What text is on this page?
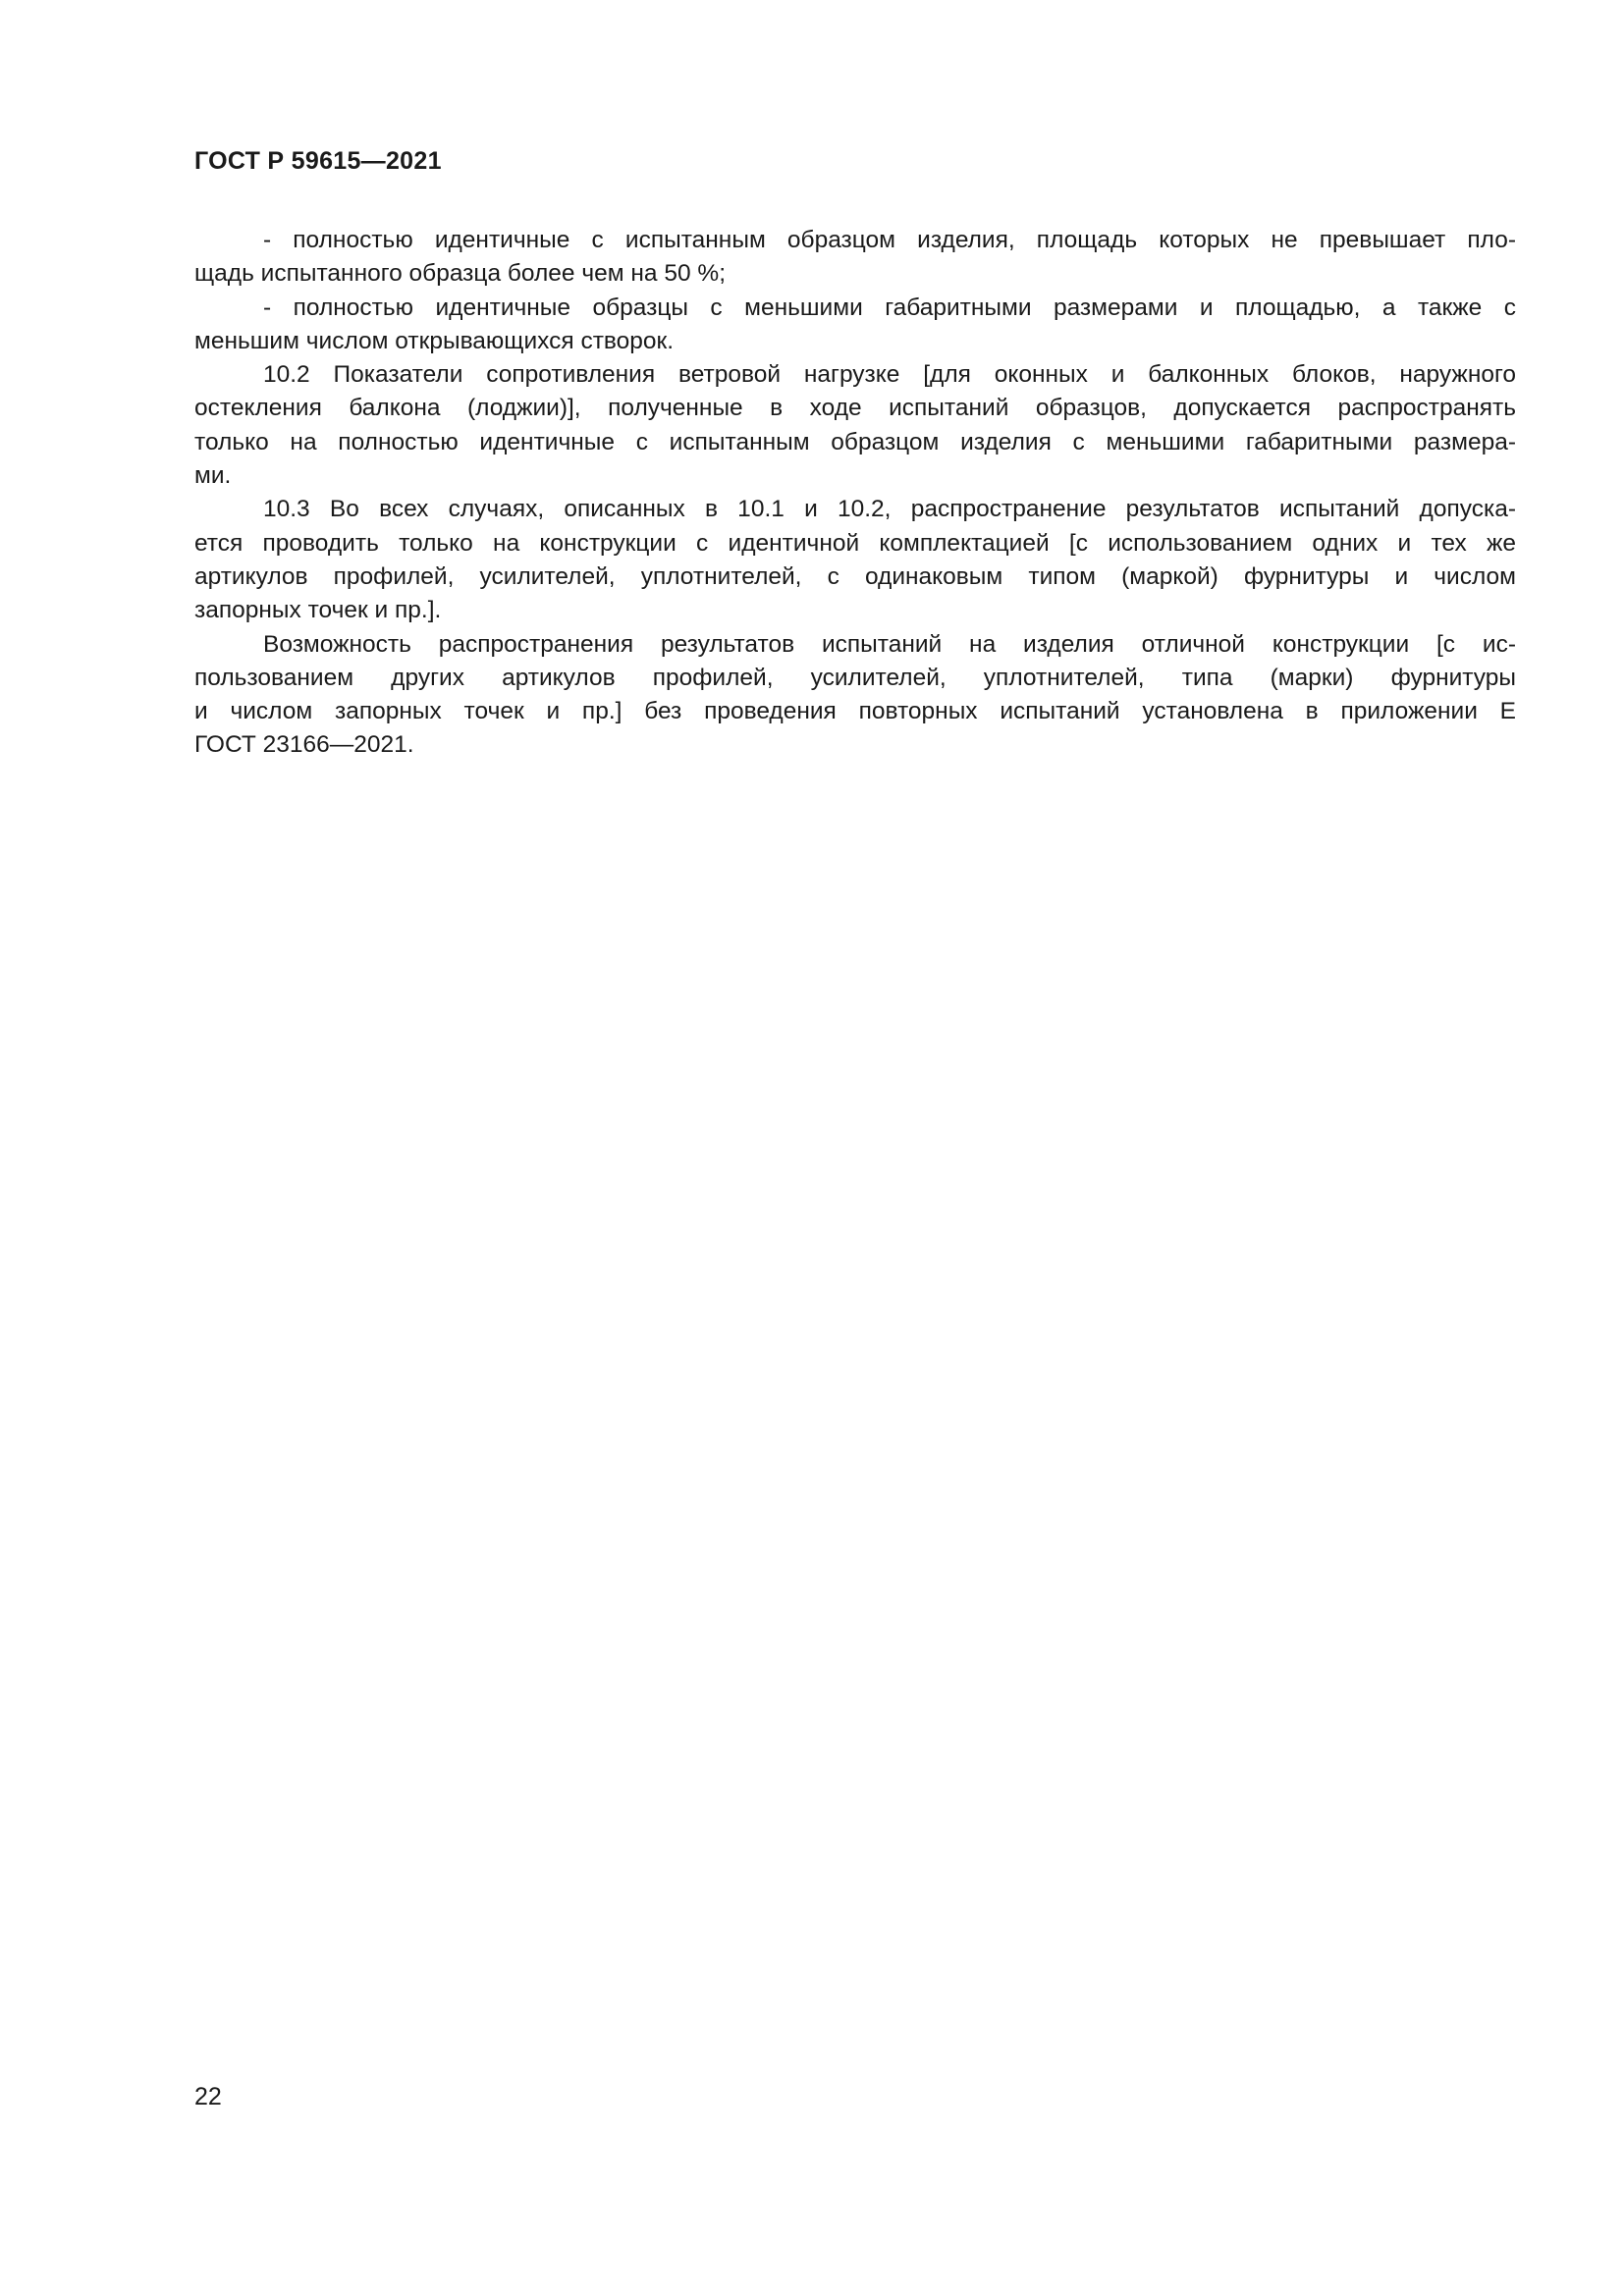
ГОСТ Р 59615—2021
- полностью идентичные с испытанным образцом изделия, площадь которых не превышает пло-
щадь испытанного образца более чем на 50 %;
- полностью идентичные образцы с меньшими габаритными размерами и площадью, а также с
меньшим числом открывающихся створок.
10.2 Показатели сопротивления ветровой нагрузке [для оконных и балконных блоков, наружного
остекления балкона (лоджии)], полученные в ходе испытаний образцов, допускается распространять
только на полностью идентичные с испытанным образцом изделия с меньшими габаритными размера-
ми.
10.3 Во всех случаях, описанных в 10.1 и 10.2, распространение результатов испытаний допуска-
ется проводить только на конструкции с идентичной комплектацией [с использованием одних и тех же
артикулов профилей, усилителей, уплотнителей, с одинаковым типом (маркой) фурнитуры и числом
запорных точек и пр.].
Возможность распространения результатов испытаний на изделия отличной конструкции [с ис-
пользованием других артикулов профилей, усилителей, уплотнителей, типа (марки) фурнитуры
и числом запорных точек и пр.] без проведения повторных испытаний установлена в приложении Е
ГОСТ 23166—2021.
22
